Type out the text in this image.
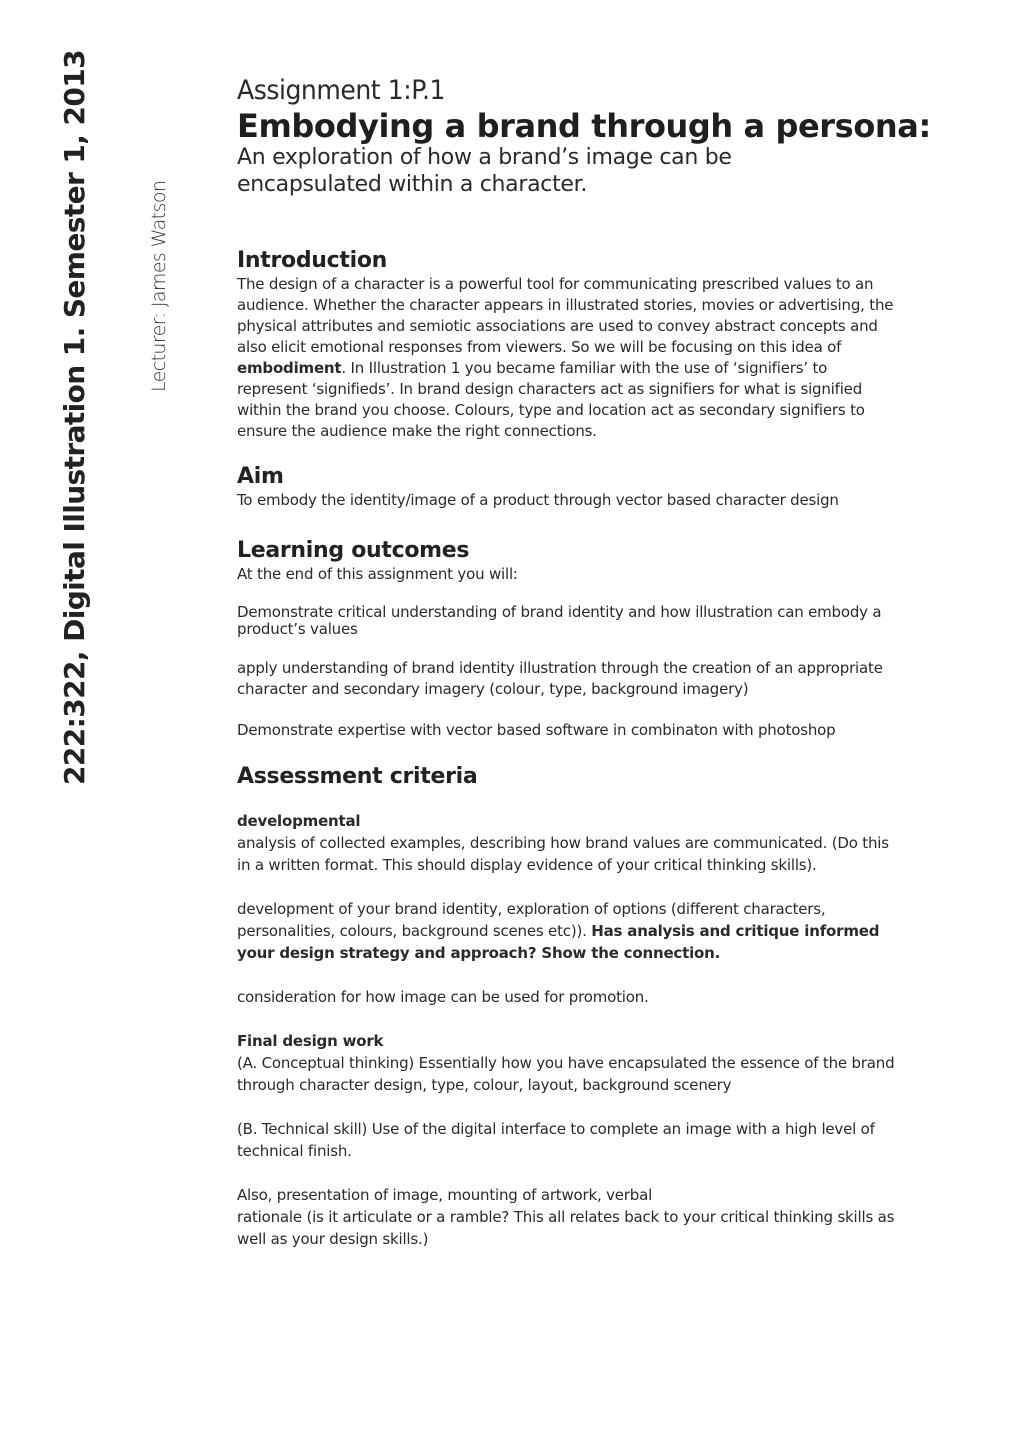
222:322, Digital Illustration 1. Semester 1, 2013	Lecturer: James Watson
Assignment 1:P.1
Embodying a brand through a persona:
An exploration of how a brand’s image can be encapsulated within a character.
Introduction

The design of a character is a powerful tool for communicating prescribed values to an audience. Whether the character appears in illustrated stories, movies or advertising, the physical attributes and semiotic associations are used to convey abstract concepts and also elicit emotional responses from viewers. So we will be focusing on this idea of embodiment. In Illustration 1 you became familiar with the use of ‘signifiers’ to represent ‘signifieds’. In brand design characters act as signifiers for what is signified within the brand you choose. Colours, type and location act as secondary signifiers to ensure the audience make the right connections.

Aim

To embody the identity/image of a product through vector based character design

Learning outcomes

At the end of this assignment you will:

Demonstrate critical understanding of brand identity and how illustration can embody a product’s values

apply understanding of brand identity illustration through the creation of an appropriate character and secondary imagery (colour, type, background imagery)

Demonstrate expertise with vector based software in combinaton with photoshop

Assessment criteria
developmental

analysis of collected examples, describing how brand values are communicated. (Do this in a written format. This should display evidence of your critical thinking skills).

development of your brand identity, exploration of options (different characters, personalities, colours, background scenes etc)). Has analysis and critique informed your design strategy and approach? Show the connection.

consideration for how image can be used for promotion.

Final design work

(A. Conceptual thinking) Essentially how you have encapsulated the essence of the brand through character design, type, colour, layout, background scenery

(B. Technical skill) Use of the digital interface to complete an image with a high level of technical finish.

Also, presentation of image, mounting of artwork, verbal
rationale (is it articulate or a ramble? This all relates back to your critical thinking skills as well as your design skills.)
